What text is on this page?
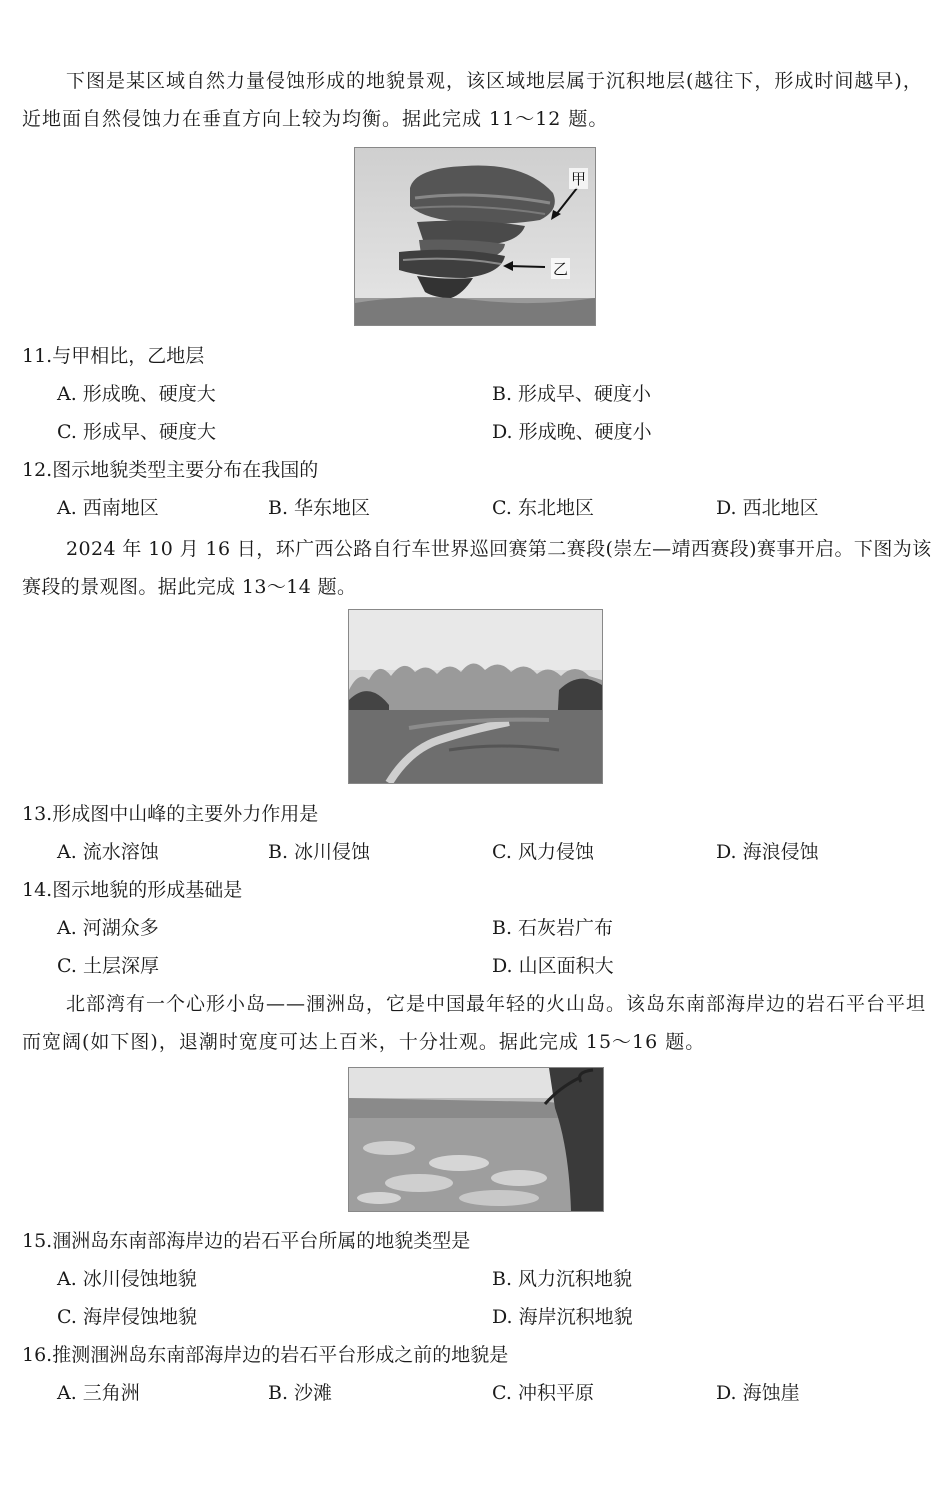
下图是某区域自然力量侵蚀形成的地貌景观，该区域地层属于沉积地层(越往下，形成时间越早)，近地面自然侵蚀力在垂直方向上较为均衡。据此完成 11～12 题。
甲
乙
11.与甲相比，乙地层
A. 形成晚、硬度大	B. 形成早、硬度小
C. 形成早、硬度大	D. 形成晚、硬度小
12.图示地貌类型主要分布在我国的
A. 西南地区	B. 华东地区	C. 东北地区	D. 西北地区
2024 年 10 月 16 日，环广西公路自行车世界巡回赛第二赛段(崇左—靖西赛段)赛事开启。下图为该赛段的景观图。据此完成 13～14 题。
13.形成图中山峰的主要外力作用是
A. 流水溶蚀	B. 冰川侵蚀	C. 风力侵蚀	D. 海浪侵蚀
14.图示地貌的形成基础是
A. 河湖众多	B. 石灰岩广布
C. 土层深厚	D. 山区面积大
北部湾有一个心形小岛——涠洲岛，它是中国最年轻的火山岛。该岛东南部海岸边的岩石平台平坦而宽阔(如下图)，退潮时宽度可达上百米，十分壮观。据此完成 15～16 题。
15.涠洲岛东南部海岸边的岩石平台所属的地貌类型是
A. 冰川侵蚀地貌	B. 风力沉积地貌
C. 海岸侵蚀地貌	D. 海岸沉积地貌
16.推测涠洲岛东南部海岸边的岩石平台形成之前的地貌是
A. 三角洲	B. 沙滩	C. 冲积平原	D. 海蚀崖
